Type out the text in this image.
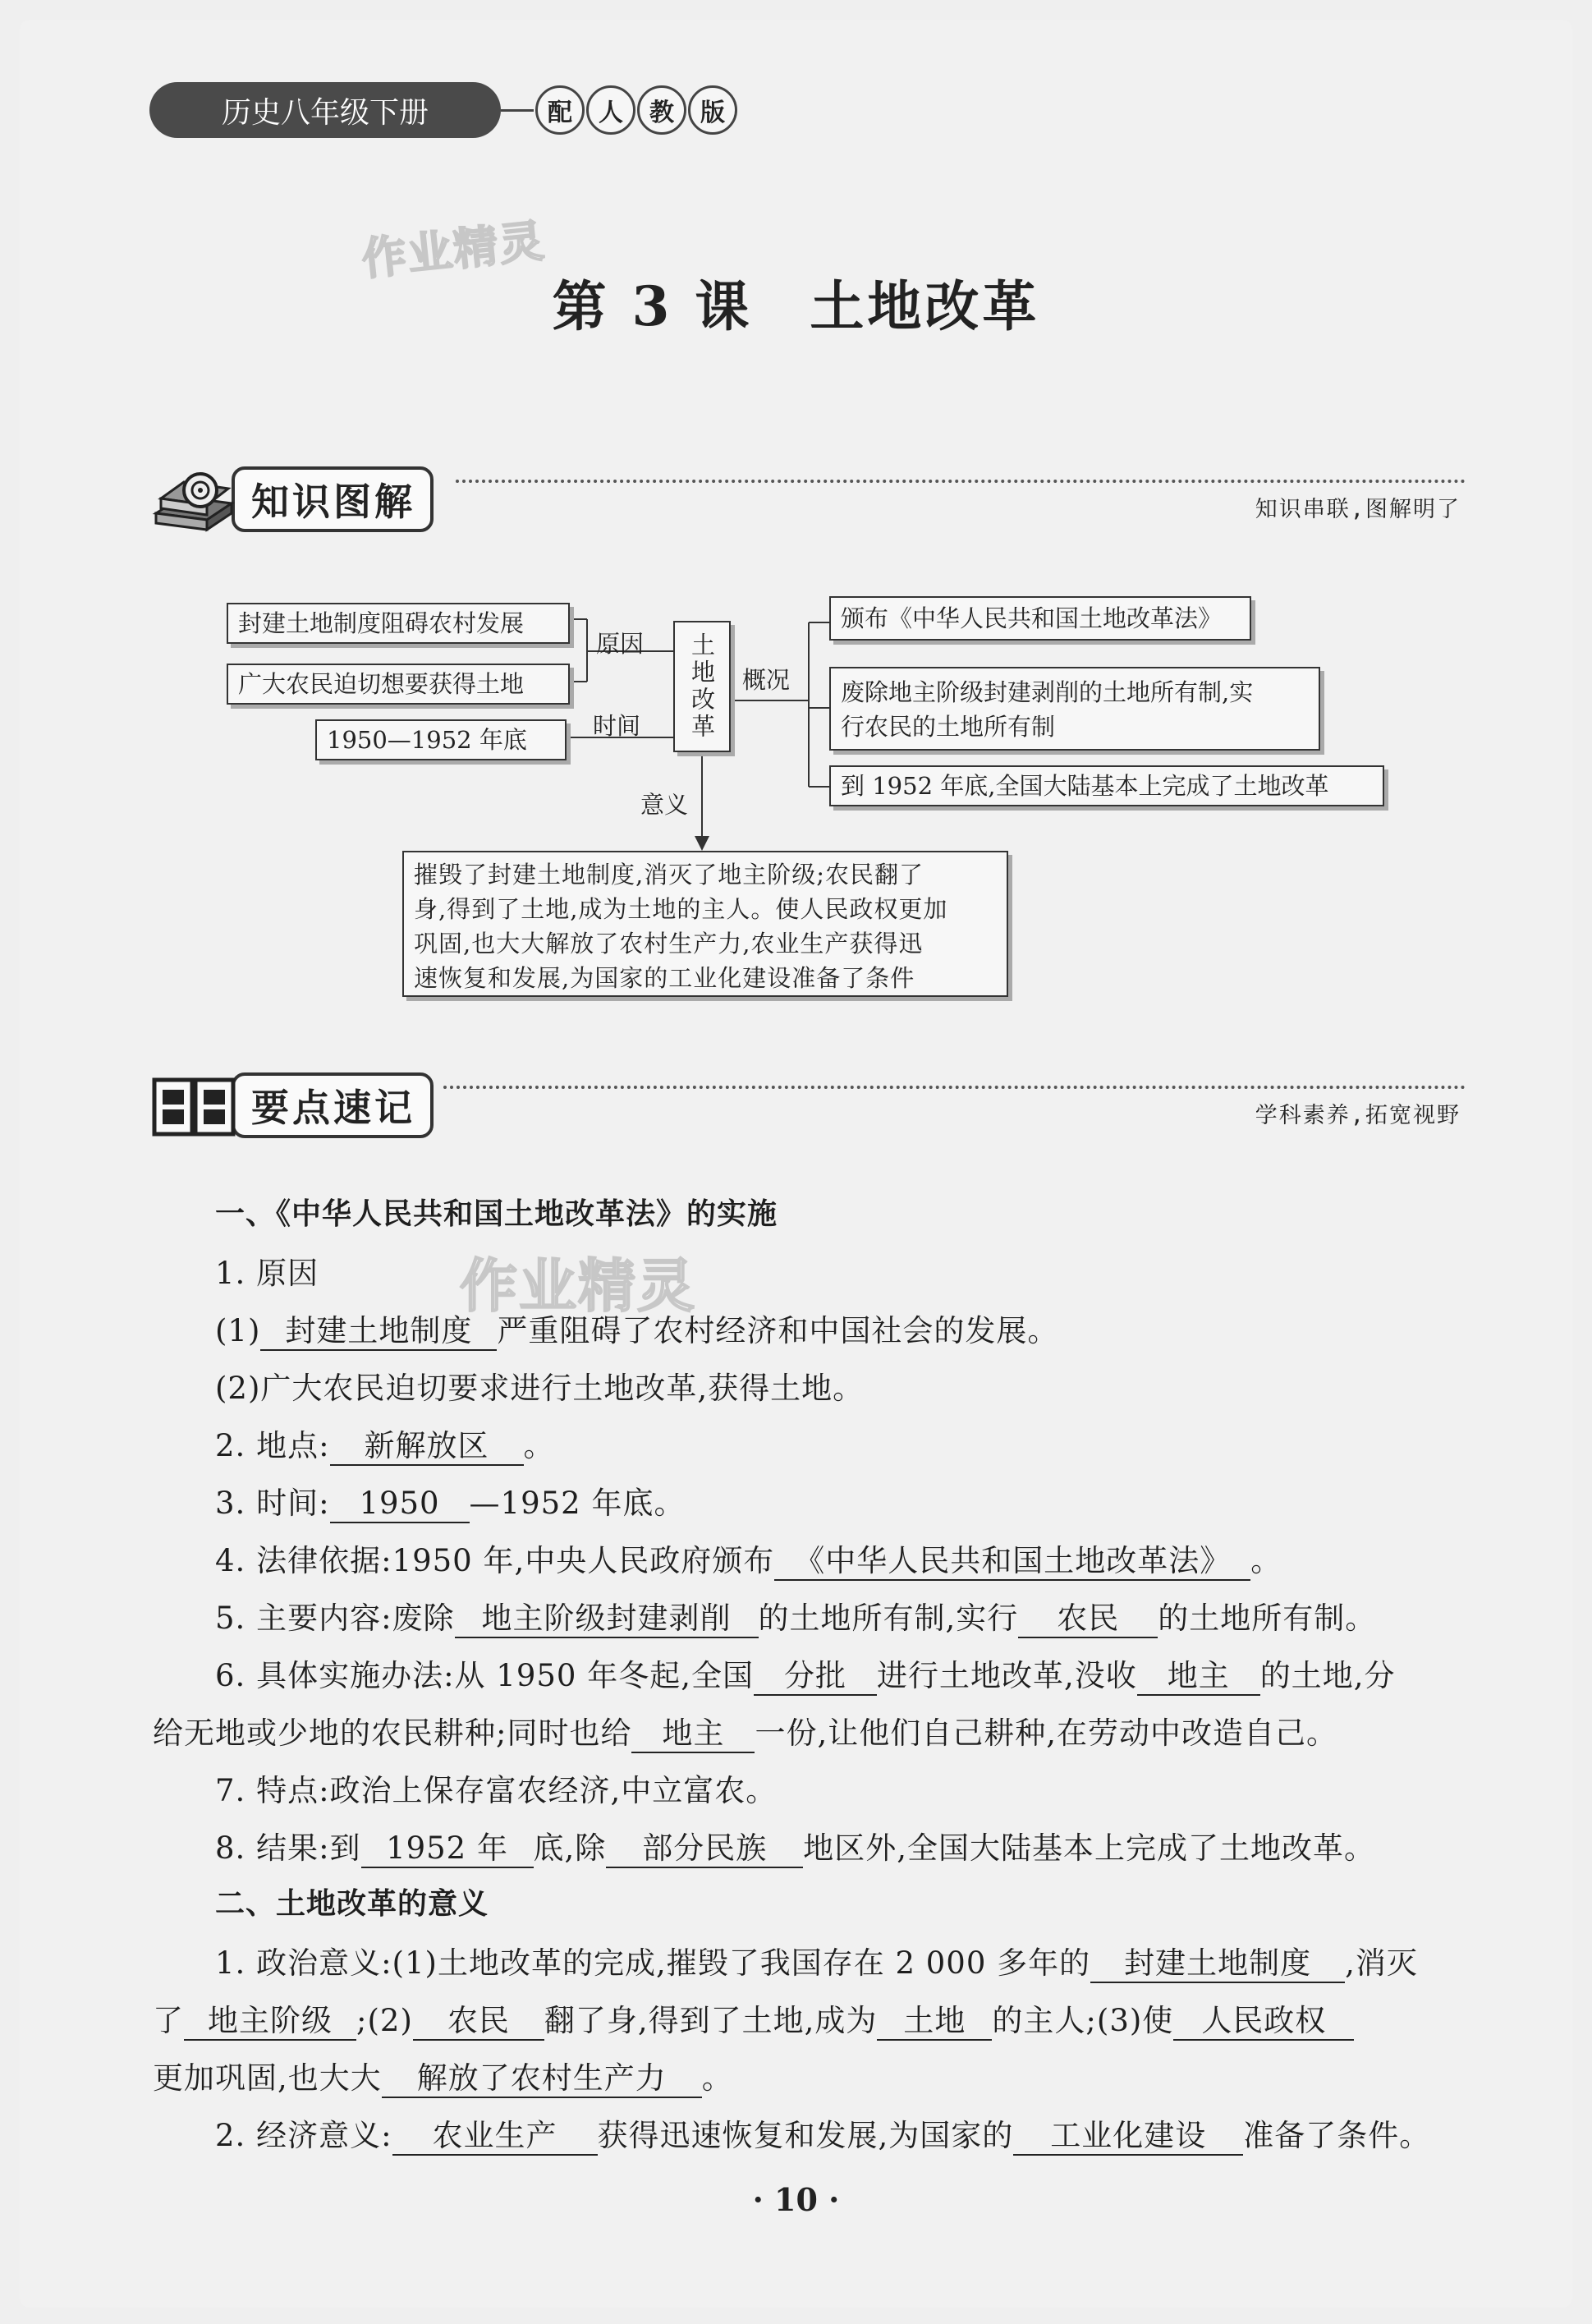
历史八年级下册	配	人	教	版
作业精灵
第 3 课　土地改革
知识图解	知识串联,图解明了
封建土地制度阻碍农村发展
广大农民迫切想要获得土地
1950—1952 年底
原因
时间
概况
意义
土地改革
颁布《中华人民共和国土地改革法》
废除地主阶级封建剥削的土地所有制,实
行农民的土地所有制
到 1952 年底,全国大陆基本上完成了土地改革
摧毁了封建土地制度,消灭了地主阶级;农民翻了
身,得到了土地,成为土地的主人。使人民政权更加
巩固,也大大解放了农村生产力,农业生产获得迅
速恢复和发展,为国家的工业化建设准备了条件
要点速记	学科素养,拓宽视野
作业精灵
一、《中华人民共和国土地改革法》的实施
1. 原因
(1) 封建土地制度 严重阻碍了农村经济和中国社会的发展。
(2)广大农民迫切要求进行土地改革,获得土地。
2. 地点: 新解放区 。
3. 时间: 1950 —1952 年底。
4. 法律依据:1950 年,中央人民政府颁布 《中华人民共和国土地改革法》 。
5. 主要内容:废除 地主阶级封建剥削 的土地所有制,实行 农民 的土地所有制。
6. 具体实施办法:从 1950 年冬起,全国 分批 进行土地改革,没收 地主 的土地,分
给无地或少地的农民耕种;同时也给 地主 一份,让他们自己耕种,在劳动中改造自己。
7. 特点:政治上保存富农经济,中立富农。
8. 结果:到 1952 年 底,除 部分民族 地区外,全国大陆基本上完成了土地改革。
二、土地改革的意义
1. 政治意义:(1)土地改革的完成,摧毁了我国存在 2 000 多年的 封建土地制度 ,消灭
了 地主阶级 ;(2) 农民 翻了身,得到了土地,成为 土地 的主人;(3)使 人民政权
更加巩固,也大大 解放了农村生产力 。
2. 经济意义: 农业生产 获得迅速恢复和发展,为国家的 工业化建设 准备了条件。
· 10 ·
